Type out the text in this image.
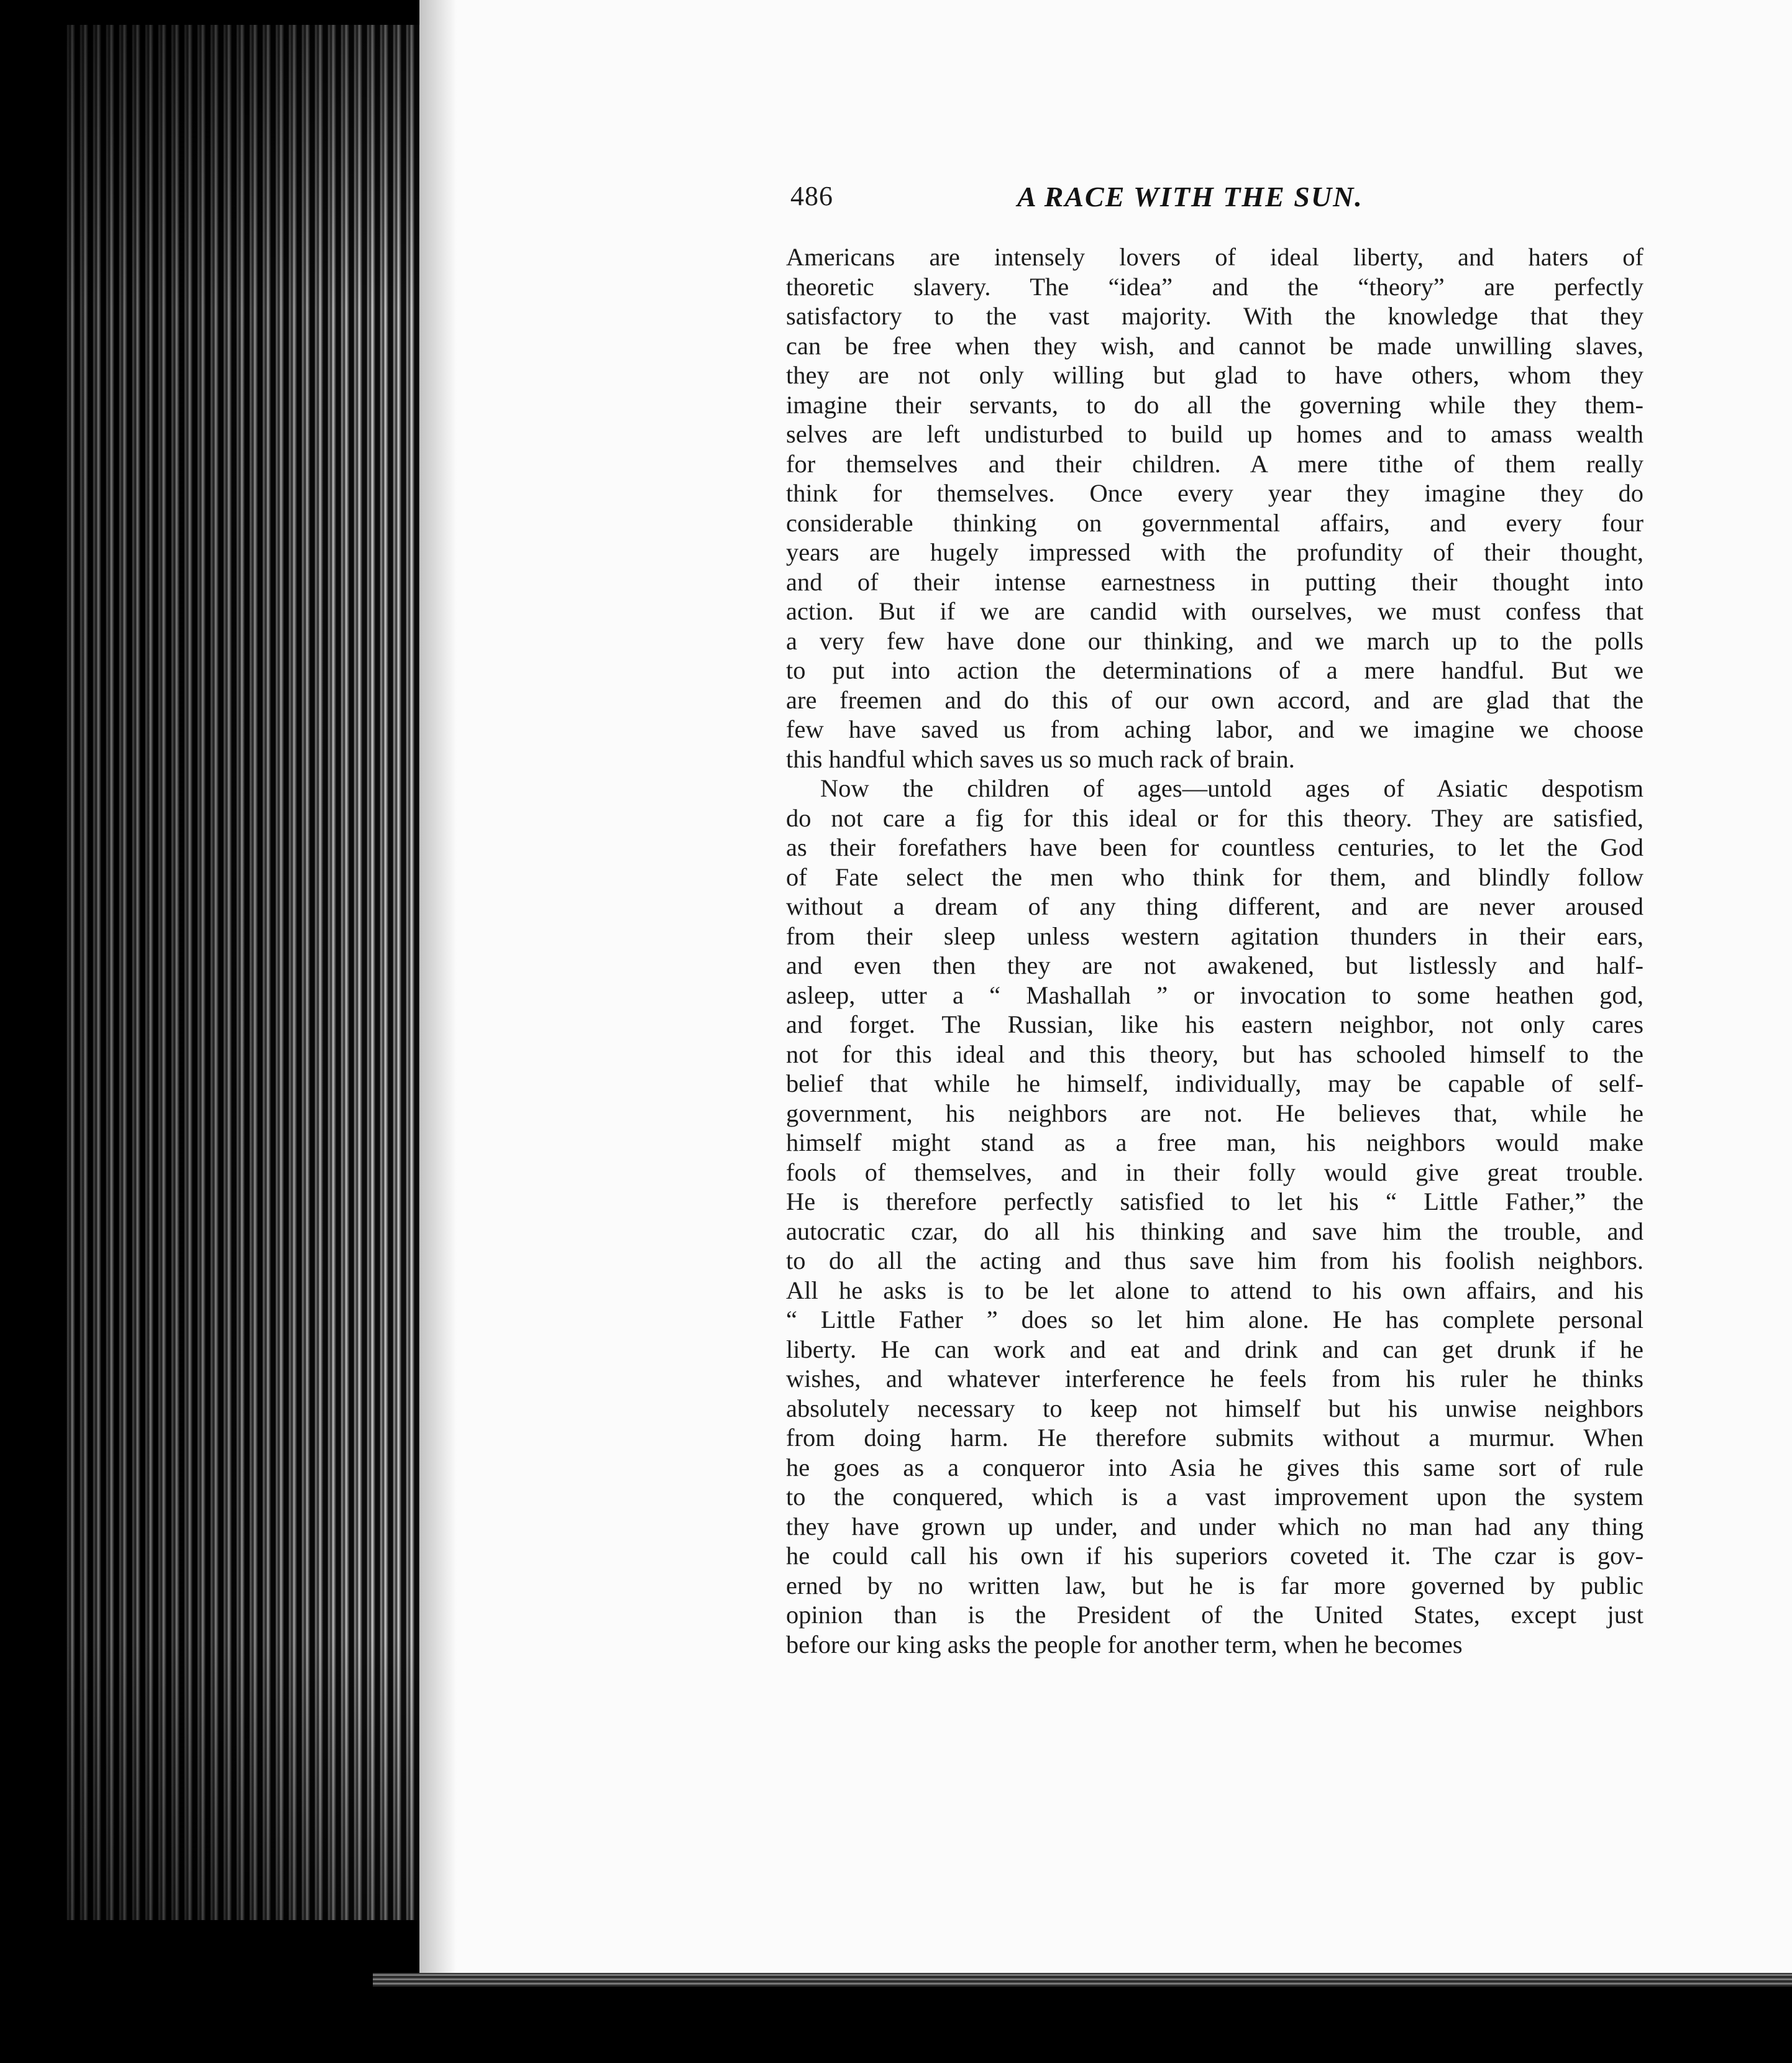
486	A RACE WITH THE SUN.
Americans are intensely lovers of ideal liberty, and haters of
theoretic slavery. The “idea” and the “theory” are perfectly
satisfactory to the vast majority. With the knowledge that they
can be free when they wish, and cannot be made unwilling slaves,
they are not only willing but glad to have others, whom they
imagine their servants, to do all the governing while they them-
selves are left undisturbed to build up homes and to amass wealth
for themselves and their children. A mere tithe of them really
think for themselves. Once every year they imagine they do
considerable thinking on governmental affairs, and every four
years are hugely impressed with the profundity of their thought,
and of their intense earnestness in putting their thought into
action. But if we are candid with ourselves, we must confess that
a very few have done our thinking, and we march up to the polls
to put into action the determinations of a mere handful. But we
are freemen and do this of our own accord, and are glad that the
few have saved us from aching labor, and we imagine we choose
this handful which saves us so much rack of brain.
Now the children of ages—untold ages of Asiatic despotism
do not care a fig for this ideal or for this theory. They are satisfied,
as their forefathers have been for countless centuries, to let the God
of Fate select the men who think for them, and blindly follow
without a dream of any thing different, and are never aroused
from their sleep unless western agitation thunders in their ears,
and even then they are not awakened, but listlessly and half-
asleep, utter a “ Mashallah ” or invocation to some heathen god,
and forget. The Russian, like his eastern neighbor, not only cares
not for this ideal and this theory, but has schooled himself to the
belief that while he himself, individually, may be capable of self-
government, his neighbors are not. He believes that, while he
himself might stand as a free man, his neighbors would make
fools of themselves, and in their folly would give great trouble.
He is therefore perfectly satisfied to let his “ Little Father,” the
autocratic czar, do all his thinking and save him the trouble, and
to do all the acting and thus save him from his foolish neighbors.
All he asks is to be let alone to attend to his own affairs, and his
“ Little Father ” does so let him alone. He has complete personal
liberty. He can work and eat and drink and can get drunk if he
wishes, and whatever interference he feels from his ruler he thinks
absolutely necessary to keep not himself but his unwise neighbors
from doing harm. He therefore submits without a murmur. When
he goes as a conqueror into Asia he gives this same sort of rule
to the conquered, which is a vast improvement upon the system
they have grown up under, and under which no man had any thing
he could call his own if his superiors coveted it. The czar is gov-
erned by no written law, but he is far more governed by public
opinion than is the President of the United States, except just
before our king asks the people for another term, when he becomes
